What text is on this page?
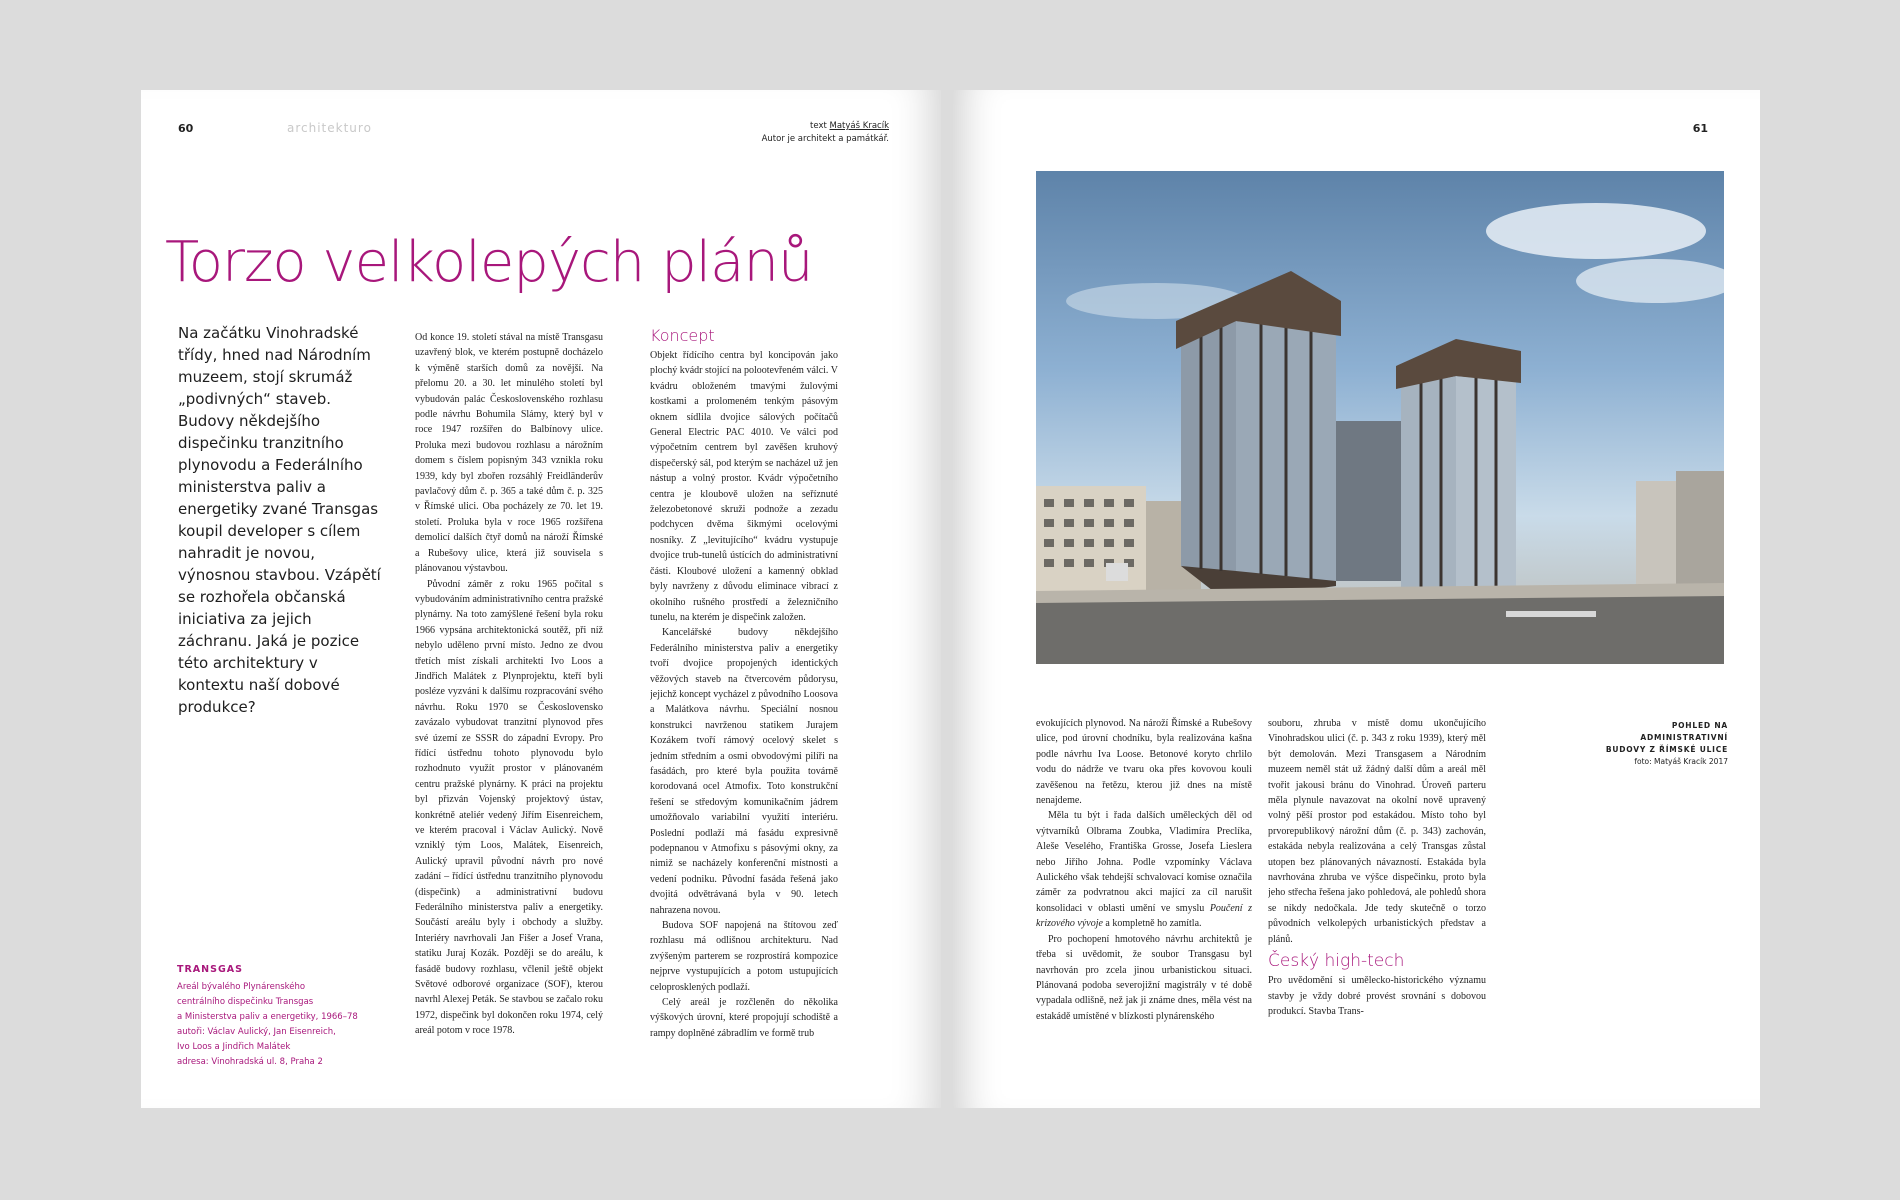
60	architekturo	text Matyáš Kracík
Autor je architekt a památkář.
Torzo velkolepých plánů
Na začátku Vinohradské třídy, hned nad Národním muzeem, stojí skrumáž „podivných“ staveb. Budovy někdejšího dispečinku tranzitního plynovodu a Federálního ministerstva paliv a energetiky zvané Transgas koupil developer s cílem nahradit je novou, výnosnou stavbou. Vzápětí se rozhořela občanská iniciativa za jejich záchranu. Jaká je pozice této architektury v kontextu naší dobové produkce?
TRANSGAS
Areál bývalého Plynárenského
centrálního dispečinku Transgas
a Ministerstva paliv a energetiky, 1966–78
autoři: Václav Aulický, Jan Eisenreich,
Ivo Loos a Jindřich Malátek
adresa: Vinohradská ul. 8, Praha 2

Od konce 19. století stával na místě Transgasu uzavřený blok, ve kterém postupně docházelo k výměně starších domů za novější. Na přelomu 20. a 30. let minulého století byl vybudován palác Československého rozhlasu podle návrhu Bohumila Slámy, který byl v roce 1947 rozšířen do Balbínovy ulice. Proluka mezi budovou rozhlasu a nárožním domem s číslem popisným 343 vznikla roku 1939, kdy byl zbořen rozsáhlý Freidländerův pavlačový dům č. p. 365 a také dům č. p. 325 v Římské ulici. Oba pocházely ze 70. let 19. století. Proluka byla v roce 1965 rozšířena demolicí dalších čtyř domů na nároží Římské a Rubešovy ulice, která již souvisela s plánovanou výstavbou.

Původní záměr z roku 1965 počítal s vybudováním administrativního centra pražské plynárny. Na toto zamýšlené řešení byla roku 1966 vypsána architektonická soutěž, při níž nebylo uděleno první místo. Jedno ze dvou třetích míst získali architekti Ivo Loos a Jindřich Malátek z Plynprojektu, kteří byli posléze vyzváni k dalšímu rozpracování svého návrhu. Roku 1970 se Československo zavázalo vybudovat tranzitní plynovod přes své území ze SSSR do západní Evropy. Pro řídící ústřednu tohoto plynovodu bylo rozhodnuto využít prostor v plánovaném centru pražské plynárny. K práci na projektu byl přizván Vojenský projektový ústav, konkrétně ateliér vedený Jiřím Eisenreichem, ve kterém pracoval i Václav Aulický. Nově vzniklý tým Loos, Malátek, Eisenreich, Aulický upravil původní návrh pro nové zadání – řídící ústřednu tranzitního plynovodu (dispečink) a administrativní budovu Federálního ministerstva paliv a energetiky. Součástí areálu byly i obchody a služby. Interiéry navrhovali Jan Fišer a Josef Vrana, statiku Juraj Kozák. Později se do areálu, k fasádě budovy rozhlasu, včlenil ještě objekt Světové odborové organizace (SOF), kterou navrhl Alexej Peták. Se stavbou se začalo roku 1972, dispečink byl dokončen roku 1974, celý areál potom v roce 1978.

Koncept

Objekt řídícího centra byl koncipován jako plochý kvádr stojící na polootevřeném válci. V kvádru obloženém tmavými žulovými kostkami a prolomeném tenkým pásovým oknem sídlila dvojice sálových počítačů General Electric PAC 4010. Ve válci pod výpočetním centrem byl zavěšen kruhový dispečerský sál, pod kterým se nacházel už jen nástup a volný prostor. Kvádr výpočetního centra je kloubově uložen na seříznuté železobetonové skruži podnože a zezadu podchycen dvěma šikmými ocelovými nosníky. Z „levitujícího“ kvádru vystupuje dvojice trub-tunelů ústících do administrativní části. Kloubové uložení a kamenný obklad byly navrženy z důvodu eliminace vibrací z okolního rušného prostředí a železničního tunelu, na kterém je dispečink založen.

Kancelářské budovy někdejšího Federálního ministerstva paliv a energetiky tvoří dvojice propojených identických věžových staveb na čtvercovém půdorysu, jejichž koncept vycházel z původního Loosova a Malátkova návrhu. Speciální nosnou konstrukci navrženou statikem Jurajem Kozákem tvoří rámový ocelový skelet s jedním středním a osmi obvodovými pilíři na fasádách, pro které byla použita továrně korodovaná ocel Atmofix. Toto konstrukční řešení se středovým komunikačním jádrem umožňovalo variabilní využití interiéru. Poslední podlaží má fasádu expresivně podepnanou v Atmofixu s pásovými okny, za nimiž se nacházely konferenční místnosti a vedení podniku. Původní fasáda řešená jako dvojitá odvětrávaná byla v 90. letech nahrazena novou.

Budova SOF napojená na štítovou zeď rozhlasu má odlišnou architekturu. Nad zvýšeným parterem se rozprostírá kompozice nejprve vystupujících a potom ustupujících celoprosklených podlaží.

Celý areál je rozčleněn do několika výškových úrovní, které propojují schodiště a rampy doplněné zábradlím ve formě trub

61
POHLED NA
ADMINISTRATIVNÍ
BUDOVY Z ŘÍMSKÉ ULICE
foto: Matyáš Kracík 2017

evokujících plynovod. Na nároží Římské a Rubešovy ulice, pod úrovní chodníku, byla realizována kašna podle návrhu Iva Loose. Betonové koryto chrlilo vodu do nádrže ve tvaru oka přes kovovou kouli zavěšenou na řetězu, kterou již dnes na místě nenajdeme.

Měla tu být i řada dalších uměleckých děl od výtvarníků Olbrama Zoubka, Vladimíra Preclíka, Aleše Veselého, Františka Grosse, Josefa Lieslera nebo Jiřího Johna. Podle vzpomínky Václava Aulického však tehdejší schvalovací komise označila záměr za podvratnou akci mající za cíl narušit konsolidaci v oblasti umění ve smyslu Poučení z krizového vývoje a kompletně ho zamítla.

Pro pochopení hmotového návrhu architektů je třeba si uvědomit, že soubor Transgasu byl navrhován pro zcela jinou urbanistickou situaci. Plánovaná podoba severojižní magistrály v té době vypadala odlišně, než jak ji známe dnes, měla vést na estakádě umístěné v blízkosti plynárenského

souboru, zhruba v místě domu ukončujícího Vinohradskou ulici (č. p. 343 z roku 1939), který měl být demolován. Mezi Transgasem a Národním muzeem neměl stát už žádný další dům a areál měl tvořit jakousi bránu do Vinohrad. Úroveň parteru měla plynule navazovat na okolní nově upravený volný pěší prostor pod estakádou. Místo toho byl prvorepublikový nárožní dům (č. p. 343) zachován, estakáda nebyla realizována a celý Transgas zůstal utopen bez plánovaných návazností. Estakáda byla navrhována zhruba ve výšce dispečinku, proto byla jeho střecha řešena jako pohledová, ale pohledů shora se nikdy nedočkala. Jde tedy skutečně o torzo původních velkolepých urbanistických představ a plánů.

Český high-tech

Pro uvědomění si umělecko-historického významu stavby je vždy dobré provést srovnání s dobovou produkcí. Stavba Trans-
